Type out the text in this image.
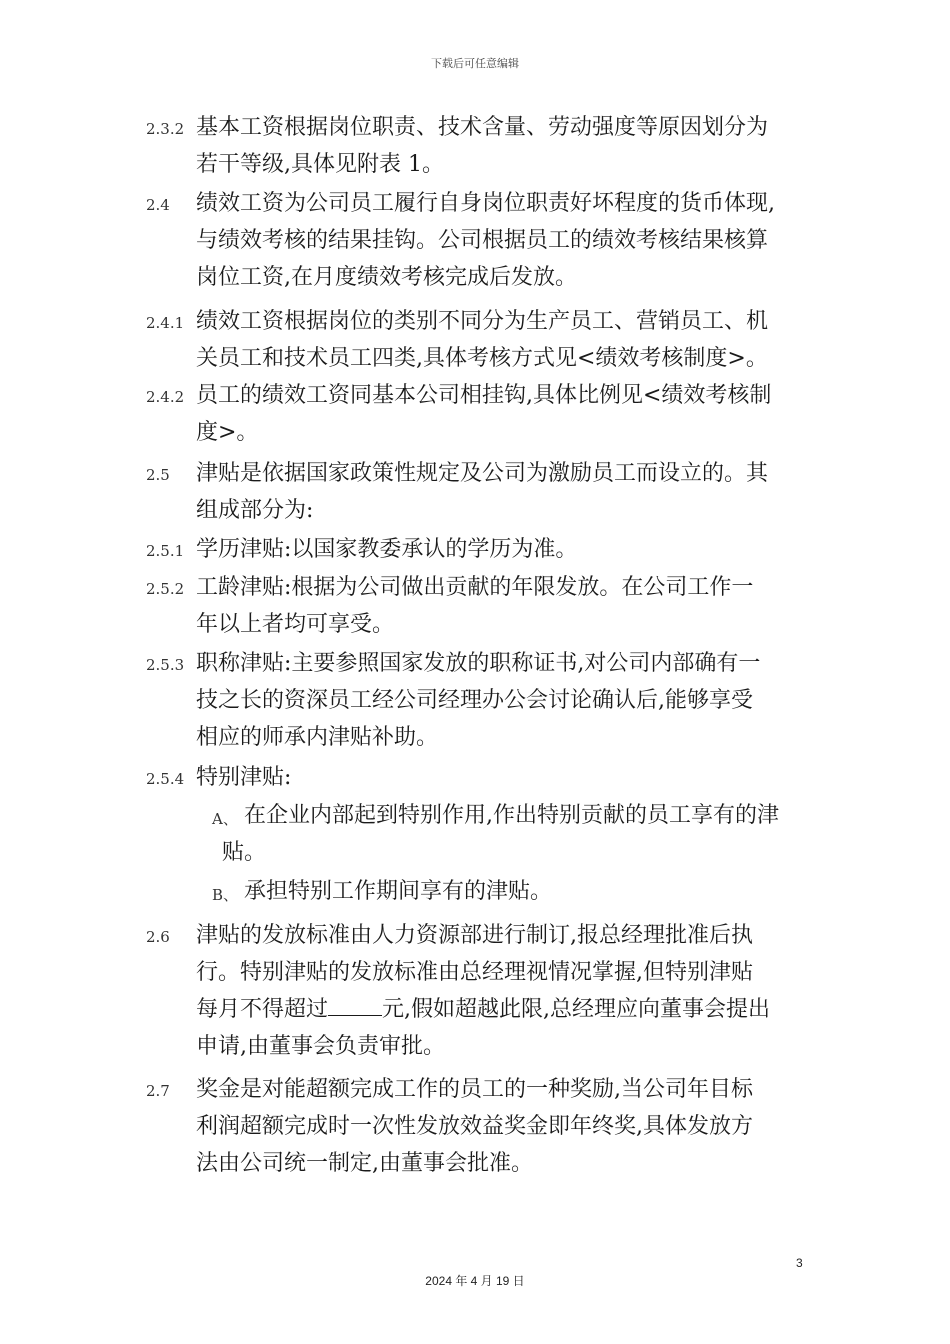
下载后可任意编辑
2.3.2 基本工资根据岗位职责、技术含量、劳动强度等原因划分为
若干等级,具体见附表 1。
2.4 绩效工资为公司员工履行自身岗位职责好坏程度的货币体现,
与绩效考核的结果挂钩。公司根据员工的绩效考核结果核算
岗位工资,在月度绩效考核完成后发放。
2.4.1 绩效工资根据岗位的类别不同分为生产员工、营销员工、机
关员工和技术员工四类,具体考核方式见<绩效考核制度>。
2.4.2 员工的绩效工资同基本公司相挂钩,具体比例见<绩效考核制
度>。
2.5 津贴是依据国家政策性规定及公司为激励员工而设立的。其
组成部分为:
2.5.1 学历津贴:以国家教委承认的学历为准。
2.5.2 工龄津贴:根据为公司做出贡献的年限发放。在公司工作一
年以上者均可享受。
2.5.3 职称津贴:主要参照国家发放的职称证书,对公司内部确有一
技之长的资深员工经公司经理办公会讨论确认后,能够享受
相应的师承内津贴补助。
2.5.4 特别津贴:
A、 在企业内部起到特别作用,作出特别贡献的员工享有的津
贴。
B、 承担特别工作期间享有的津贴。
2.6 津贴的发放标准由人力资源部进行制订,报总经理批准后执
行。特别津贴的发放标准由总经理视情况掌握,但特别津贴
每月不得超过 元,假如超越此限,总经理应向董事会提出
申请,由董事会负责审批。
2.7 奖金是对能超额完成工作的员工的一种奖励,当公司年目标
利润超额完成时一次性发放效益奖金即年终奖,具体发放方
法由公司统一制定,由董事会批准。
3
2024 年 4 月 19 日
